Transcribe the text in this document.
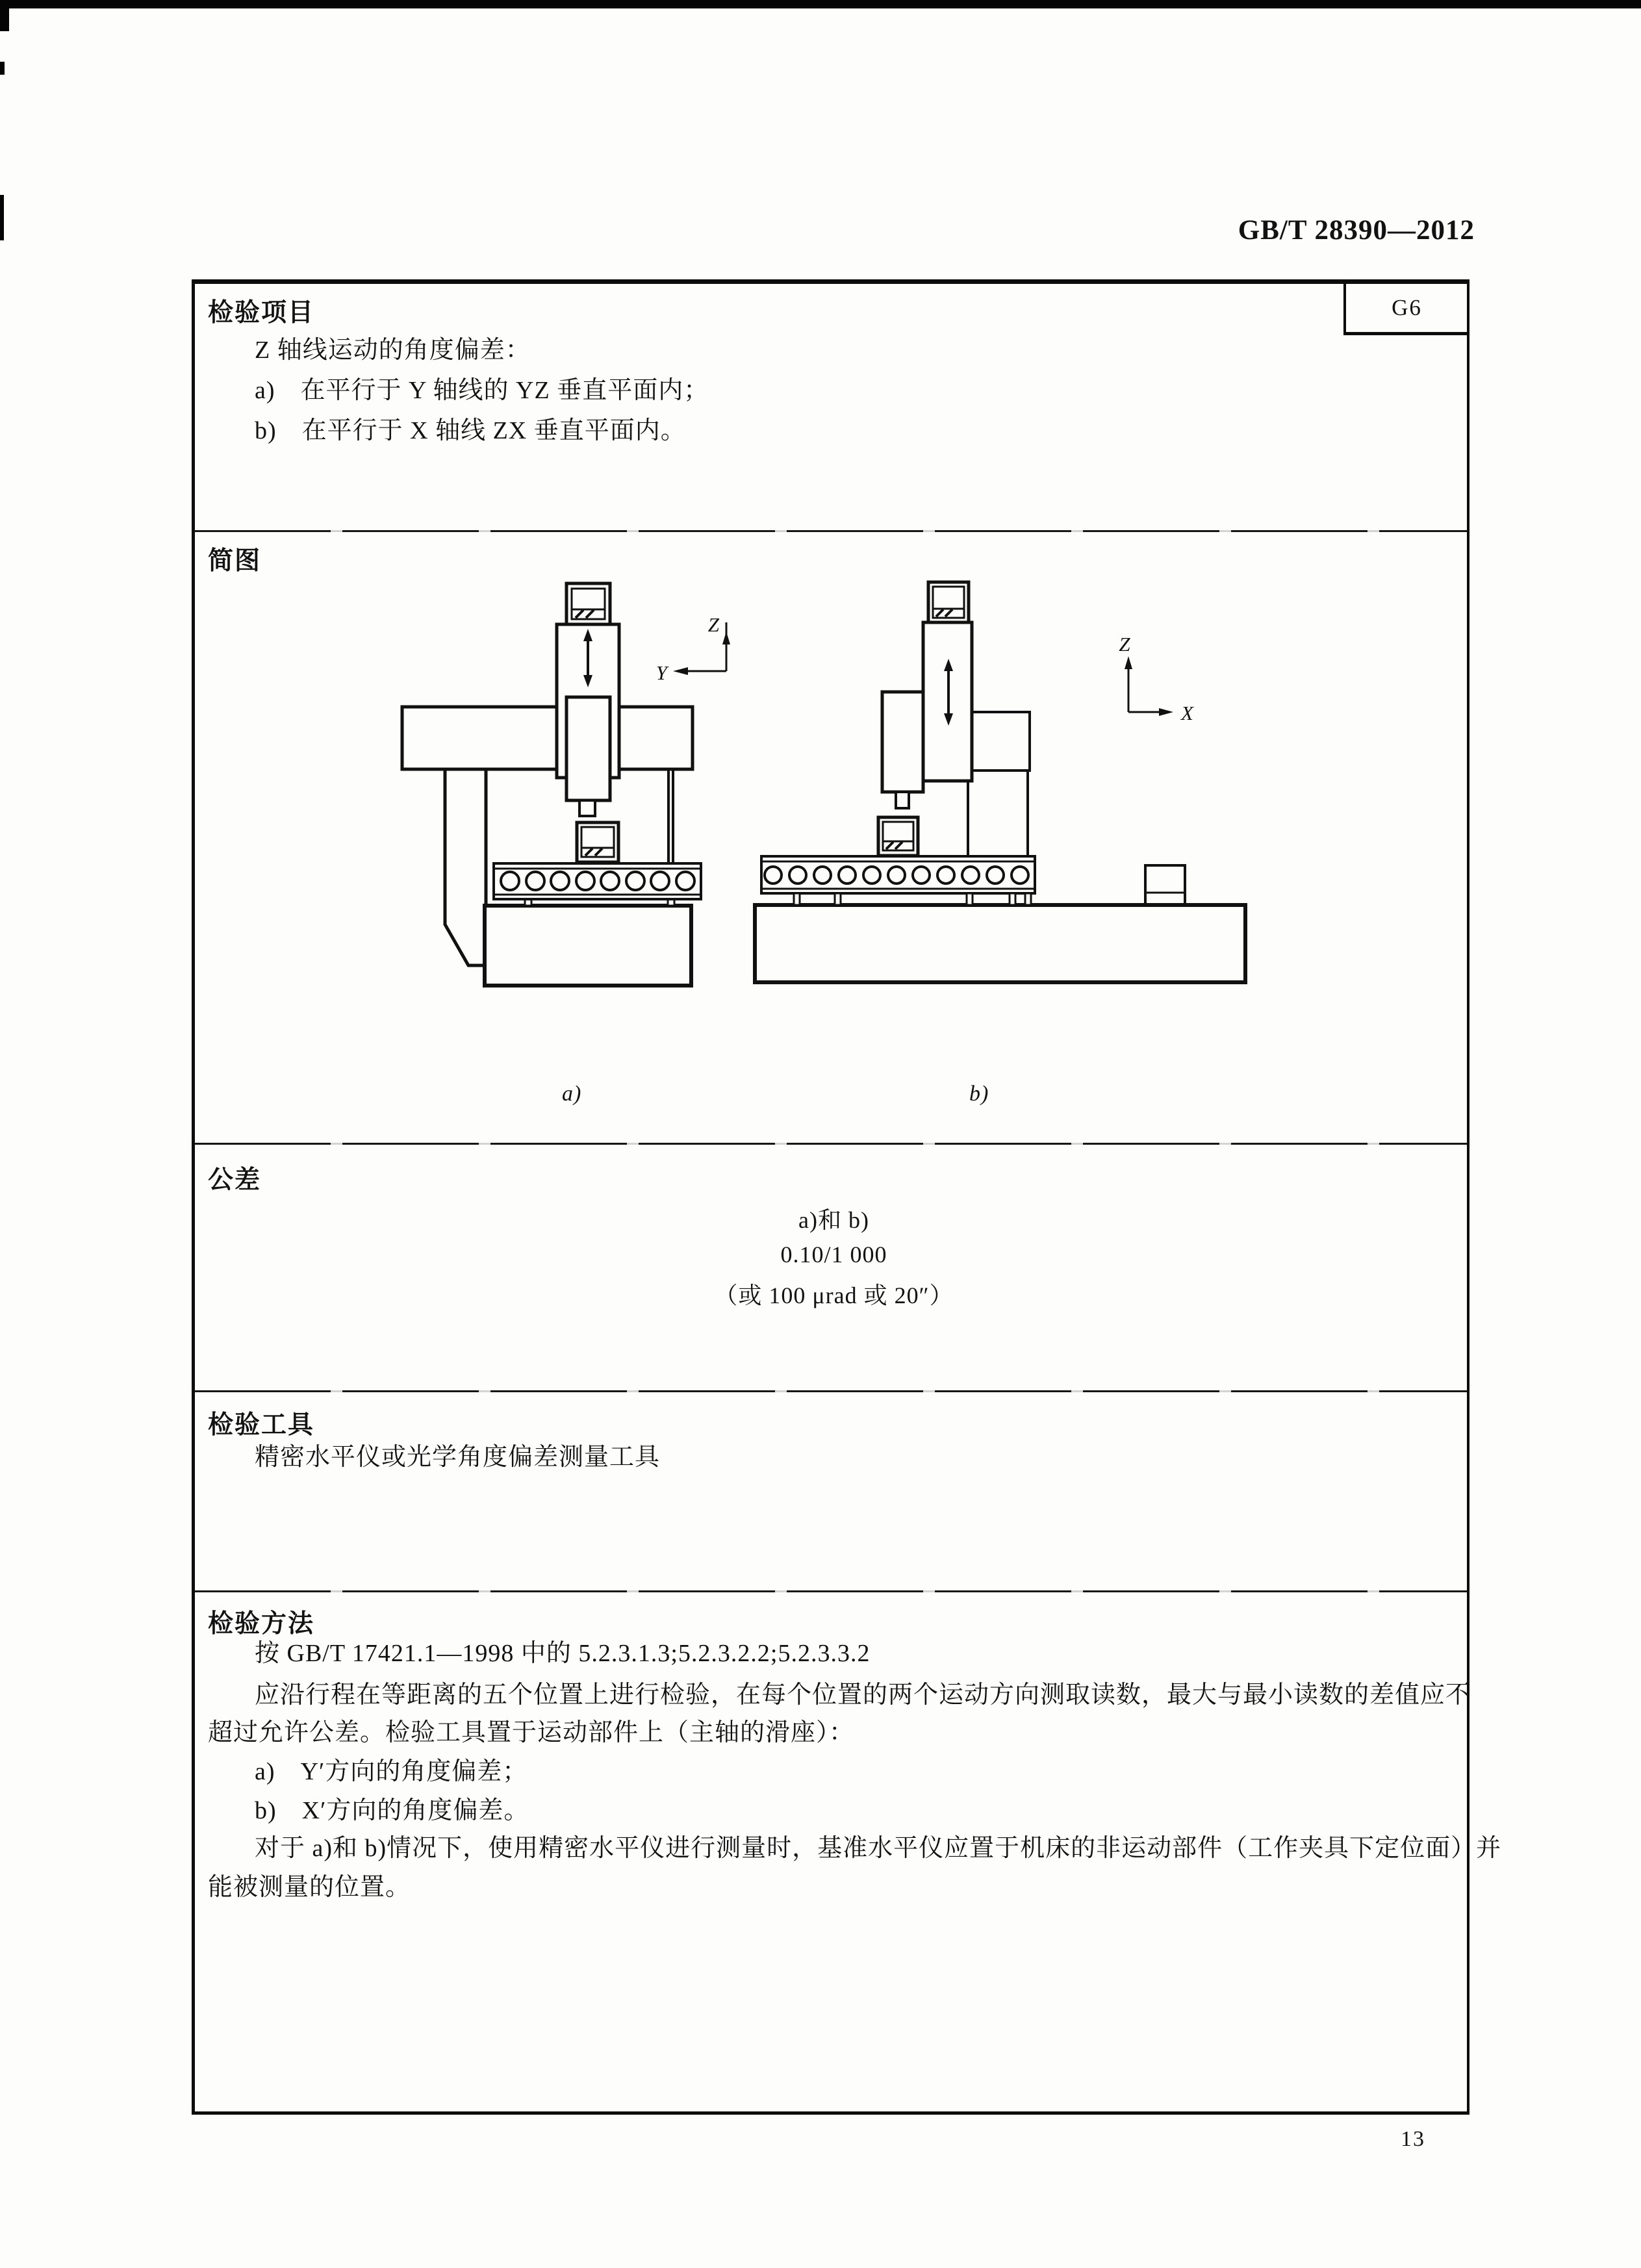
GB/T 28390—2012
G6
检验项目
Z 轴线运动的角度偏差：
a)　在平行于 Y 轴线的 YZ 垂直平面内；
b)　在平行于 X 轴线 ZX 垂直平面内。
简图
Z
Y
Z
X
a)	b)
公差
a)和 b)
0.10/1 000
（或 100 μrad 或 20″）
检验工具
精密水平仪或光学角度偏差测量工具
检验方法
按 GB/T 17421.1—1998 中的 5.2.3.1.3;5.2.3.2.2;5.2.3.3.2
应沿行程在等距离的五个位置上进行检验，在每个位置的两个运动方向测取读数，最大与最小读数的差值应不
超过允许公差。检验工具置于运动部件上（主轴的滑座）：
a)　Y′方向的角度偏差；
b)　X′方向的角度偏差。
对于 a)和 b)情况下，使用精密水平仪进行测量时，基准水平仪应置于机床的非运动部件（工作夹具下定位面）并
能被测量的位置。
13
